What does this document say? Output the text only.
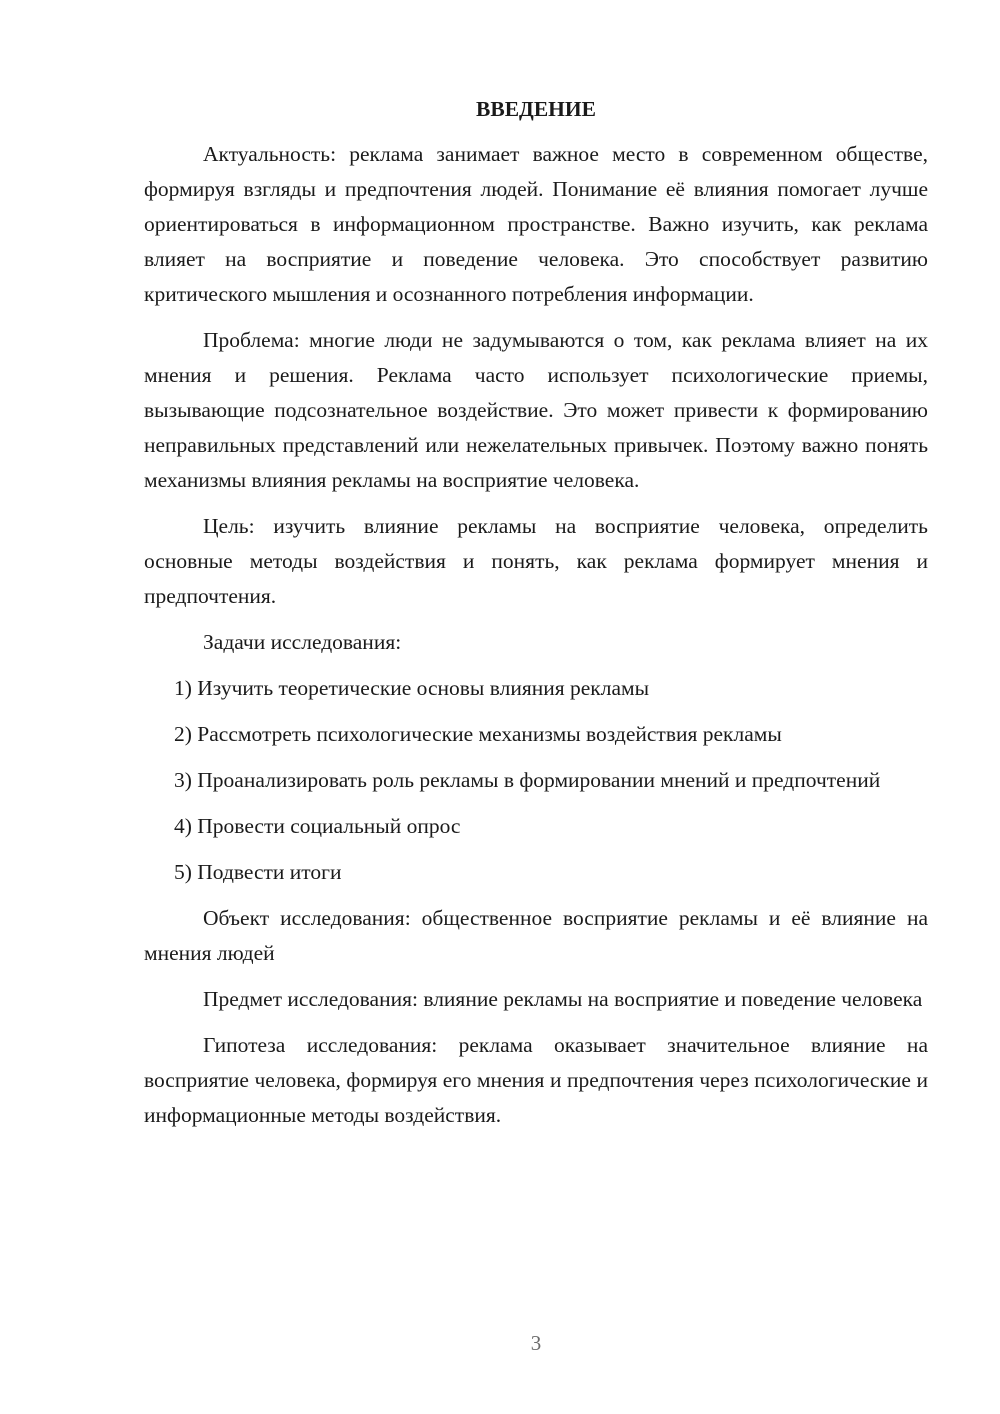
ВВЕДЕНИЕ

Актуальность: реклама занимает важное место в современном обществе, формируя взгляды и предпочтения людей. Понимание её влияния помогает лучше ориентироваться в информационном пространстве. Важно изучить, как реклама влияет на восприятие и поведение человека. Это способствует развитию критического мышления и осознанного потребления информации.

Проблема: многие люди не задумываются о том, как реклама влияет на их мнения и решения. Реклама часто использует психологические приемы, вызывающие подсознательное воздействие. Это может привести к формированию неправильных представлений или нежелательных привычек. Поэтому важно понять механизмы влияния рекламы на восприятие человека.

Цель: изучить влияние рекламы на восприятие человека, определить основные методы воздействия и понять, как реклама формирует мнения и предпочтения.

Задачи исследования:

1) Изучить теоретические основы влияния рекламы

2) Рассмотреть психологические механизмы воздействия рекламы

3) Проанализировать роль рекламы в формировании мнений и предпочтений

4) Провести социальный опрос

5) Подвести итоги

Объект исследования: общественное восприятие рекламы и её влияние на мнения людей

Предмет исследования: влияние рекламы на восприятие и поведение человека

Гипотеза исследования: реклама оказывает значительное влияние на восприятие человека, формируя его мнения и предпочтения через психологические и информационные методы воздействия.

3
